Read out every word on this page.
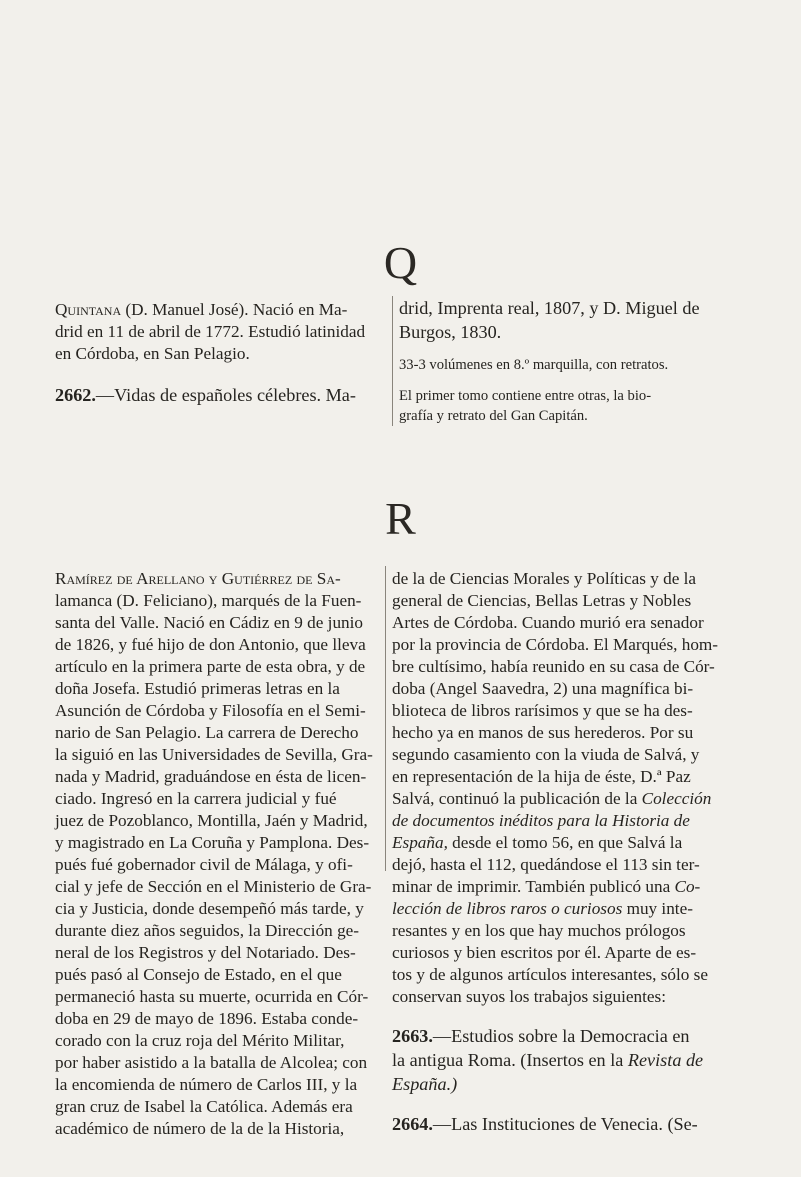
Q

Quintana (D. Manuel José). Nació en Ma-

drid en 11 de abril de 1772. Estudió latinidad

en Córdoba, en San Pelagio.

2662.—Vidas de españoles célebres. Ma-

drid, Imprenta real, 1807, y D. Miguel de

Burgos, 1830.

33-3 volúmenes en 8.º marquilla, con retratos.

El primer tomo contiene entre otras, la bio-

grafía y retrato del Gan Capitán.

R

Ramírez de Arellano y Gutiérrez de Sa-

lamanca (D. Feliciano), marqués de la Fuen-

santa del Valle. Nació en Cádiz en 9 de junio

de 1826, y fué hijo de don Antonio, que lleva

artículo en la primera parte de esta obra, y de

doña Josefa. Estudió primeras letras en la

Asunción de Córdoba y Filosofía en el Semi-

nario de San Pelagio. La carrera de Derecho

la siguió en las Universidades de Sevilla, Gra-

nada y Madrid, graduándose en ésta de licen-

ciado. Ingresó en la carrera judicial y fué

juez de Pozoblanco, Montilla, Jaén y Madrid,

y magistrado en La Coruña y Pamplona. Des-

pués fué gobernador civil de Málaga, y ofi-

cial y jefe de Sección en el Ministerio de Gra-

cia y Justicia, donde desempeñó más tarde, y

durante diez años seguidos, la Dirección ge-

neral de los Registros y del Notariado. Des-

pués pasó al Consejo de Estado, en el que

permaneció hasta su muerte, ocurrida en Cór-

doba en 29 de mayo de 1896. Estaba conde-

corado con la cruz roja del Mérito Militar,

por haber asistido a la batalla de Alcolea; con

la encomienda de número de Carlos III, y la

gran cruz de Isabel la Católica. Además era

académico de número de la de la Historia,

de la de Ciencias Morales y Políticas y de la

general de Ciencias, Bellas Letras y Nobles

Artes de Córdoba. Cuando murió era senador

por la provincia de Córdoba. El Marqués, hom-

bre cultísimo, había reunido en su casa de Cór-

doba (Angel Saavedra, 2) una magnífica bi-

blioteca de libros rarísimos y que se ha des-

hecho ya en manos de sus herederos. Por su

segundo casamiento con la viuda de Salvá, y

en representación de la hija de éste, D.ª Paz

Salvá, continuó la publicación de la Colección

de documentos inéditos para la Historia de

España, desde el tomo 56, en que Salvá la

dejó, hasta el 112, quedándose el 113 sin ter-

minar de imprimir. También publicó una Co-

lección de libros raros o curiosos muy inte-

resantes y en los que hay muchos prólogos

curiosos y bien escritos por él. Aparte de es-

tos y de algunos artículos interesantes, sólo se

conservan suyos los trabajos siguientes:

2663.—Estudios sobre la Democracia en

la antigua Roma. (Insertos en la Revista de

España.)

2664.—Las Instituciones de Venecia. (Se-
